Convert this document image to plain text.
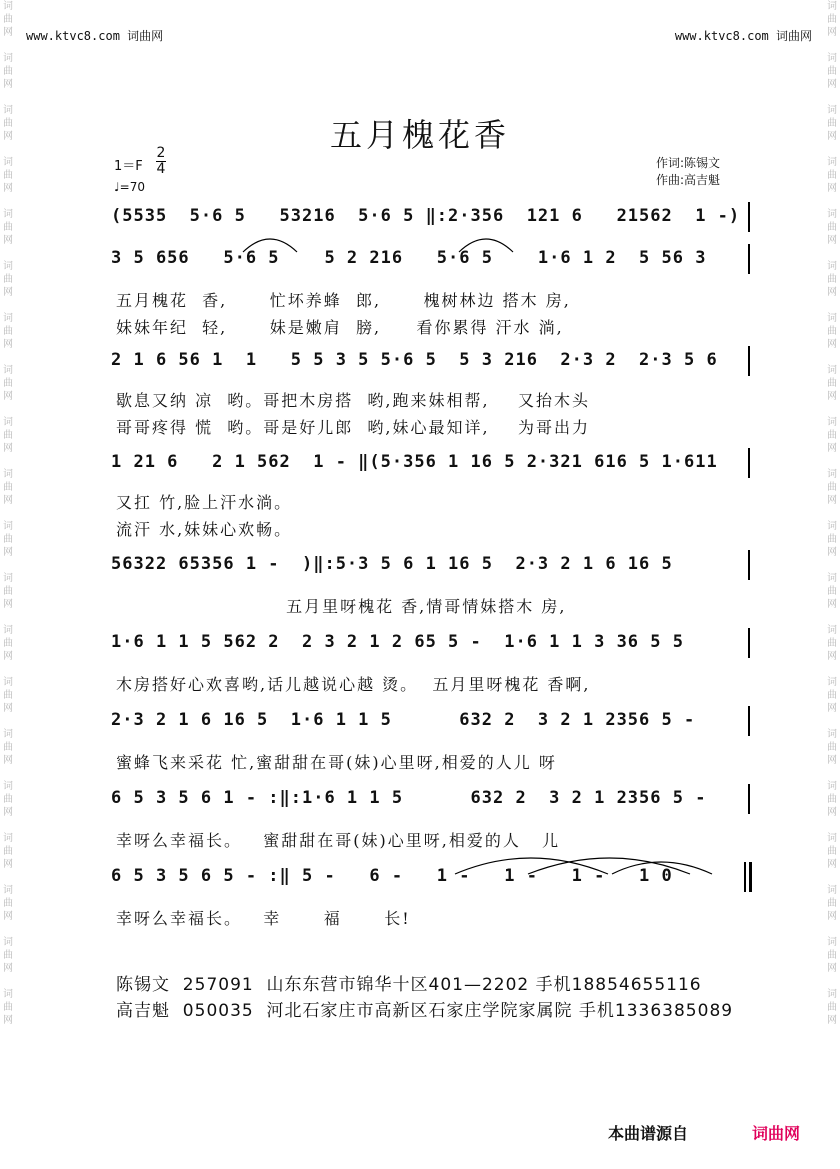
词
曲
网

词
曲
网

词
曲
网

词
曲
网

词
曲
网

词
曲
网

词
曲
网

词
曲
网

词
曲
网

词
曲
网

词
曲
网

词
曲
网

词
曲
网

词
曲
网

词
曲
网

词
曲
网

词
曲
网

词
曲
网

词
曲
网

词
曲
网
词
曲
网

词
曲
网

词
曲
网

词
曲
网

词
曲
网

词
曲
网

词
曲
网

词
曲
网

词
曲
网

词
曲
网

词
曲
网

词
曲
网

词
曲
网

词
曲
网

词
曲
网

词
曲
网

词
曲
网

词
曲
网

词
曲
网

词
曲
网
www.ktvc8.com 词曲网	www.ktvc8.com 词曲网
五月槐花香
1＝F
2
4
♩=70
作词:陈锡文
作曲:高吉魁
(5535  5·6 5   53216  5·6 5 ‖:2·356  121 6   21562  1 -)
3 5 656   5·6 5    5 2 216   5·6 5    1·6 1 2  5 56 3
五月槐花  香,      忙坏养蜂  郎,      槐树林边 搭木 房,
妹妹年纪  轻,      妹是嫩肩  膀,     看你累得 汗水 淌,
2 1 6 56 1  1   5 5 3 5 5·6 5  5 3 216  2·3 2  2·3 5 6
歇息又纳 凉  哟。哥把木房搭  哟,跑来妹相帮,    又抬木头
哥哥疼得 慌  哟。哥是好儿郎  哟,妹心最知详,    为哥出力
1 21 6   2 1 562  1 - ‖(5·356 1 16 5 2·321 616 5 1·611
又扛 竹,脸上汗水淌。
流汗 水,妹妹心欢畅。
56322 65356 1 -  )‖:5·3 5 6 1 16 5  2·3 2 1 6 16 5
五月里呀槐花 香,情哥情妹搭木 房,
1·6 1 1 5 562 2  2 3 2 1 2 65 5 -  1·6 1 1 3 36 5 5
木房搭好心欢喜哟,话儿越说心越 烫。  五月里呀槐花 香啊,
2·3 2 1 6 16 5  1·6 1 1 5      632 2  3 2 1 2356 5 -
蜜蜂飞来采花 忙,蜜甜甜在哥(妹)心里呀,相爱的人儿 呀
6 5 3 5 6 1 - :‖:1·6 1 1 5      632 2  3 2 1 2356 5 -
幸呀么幸福长。   蜜甜甜在哥(妹)心里呀,相爱的人   儿
6 5 3 5 6 5 - :‖ 5 -   6 -   1 -   1 -   1 -   1 0
幸呀么幸福长。   幸      福      长!
陈锡文  257091  山东东营市锦华十区401—2202 手机18854655116
高吉魁  050035  河北石家庄市高新区石家庄学院家属院 手机1336385089
本曲谱源自	词曲网
